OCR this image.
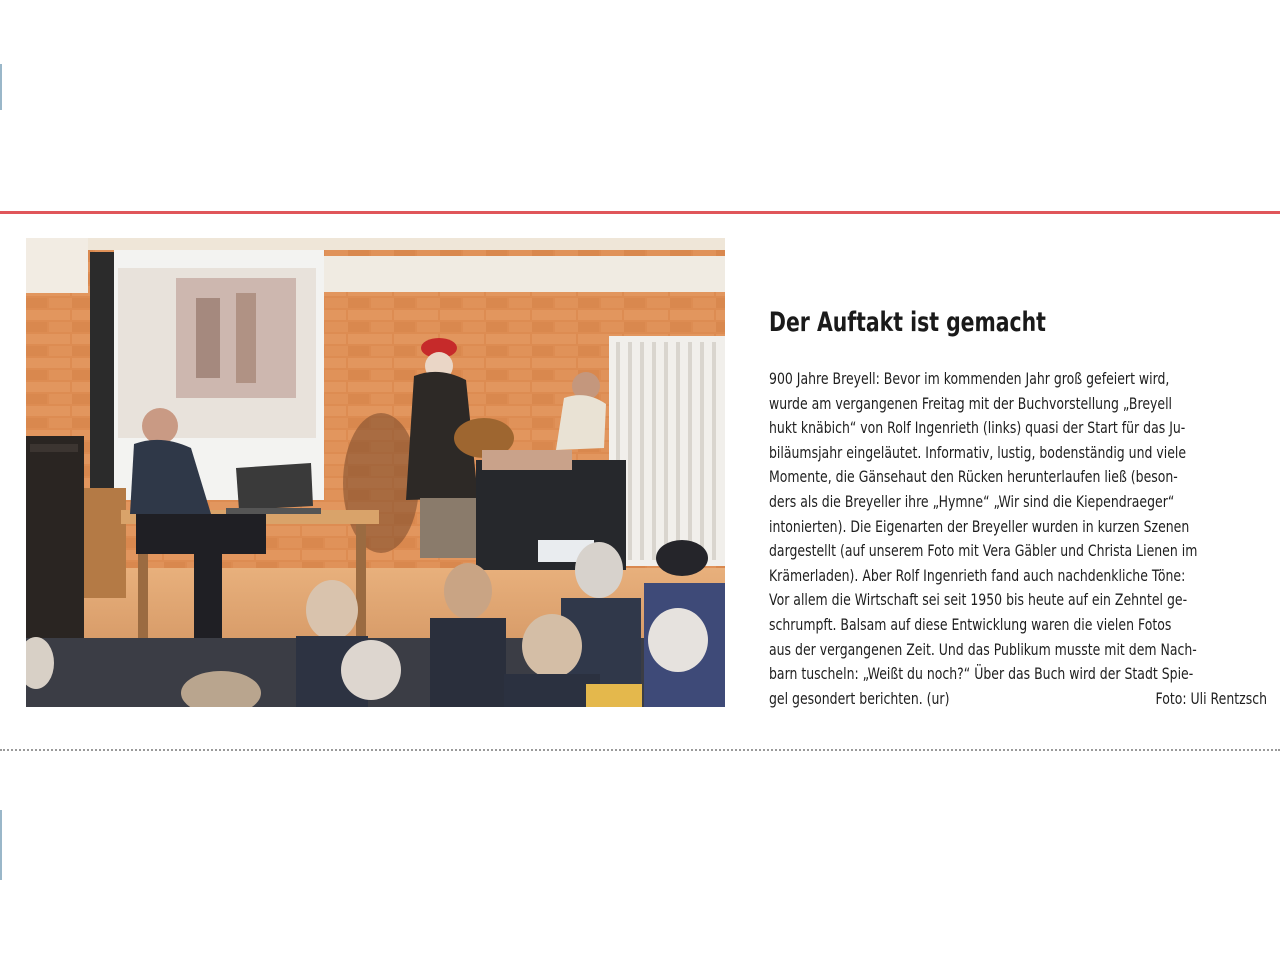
Der Auftakt ist gemacht
900 Jahre Breyell: Bevor im kommenden Jahr groß gefeiert wird,
wurde am vergangenen Freitag mit der Buchvorstellung „Breyell
hukt knäbich“ von Rolf Ingenrieth (links) quasi der Start für das Ju-
biläumsjahr eingeläutet. Informativ, lustig, bodenständig und viele
Momente, die Gänsehaut den Rücken herunterlaufen ließ (beson-
ders als die Breyeller ihre „Hymne“ „Wir sind die Kiependraeger“
intonierten). Die Eigenarten der Breyeller wurden in kurzen Szenen
dargestellt (auf unserem Foto mit Vera Gäbler und Christa Lienen im
Krämerladen). Aber Rolf Ingenrieth fand auch nachdenkliche Töne:
Vor allem die Wirtschaft sei seit 1950 bis heute auf ein Zehntel ge-
schrumpft. Balsam auf diese Entwicklung waren die vielen Fotos
aus der vergangenen Zeit. Und das Publikum musste mit dem Nach-
barn tuscheln: „Weißt du noch?“ Über das Buch wird der Stadt Spie-
gel gesondert berichten. (ur)	Foto: Uli Rentzsch
